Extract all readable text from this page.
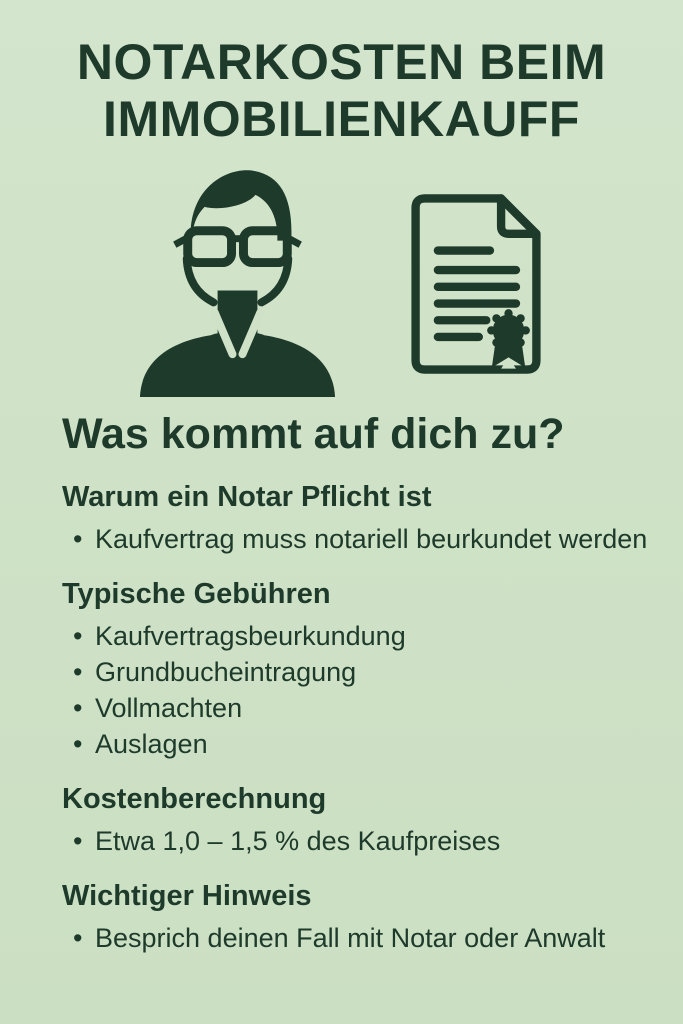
NOTARKOSTEN BEIM
IMMOBILIENKAUFF
Was kommt auf dich zu?
Warum ein Notar Pflicht ist
• Kaufvertrag muss notariell beurkundet werden
Typische Gebühren
• Kaufvertragsbeurkundung
• Grundbucheintragung
• Vollmachten
• Auslagen
Kostenberechnung
• Etwa 1,0 – 1,5 % des Kaufpreises
Wichtiger Hinweis
• Besprich deinen Fall mit Notar oder Anwalt
